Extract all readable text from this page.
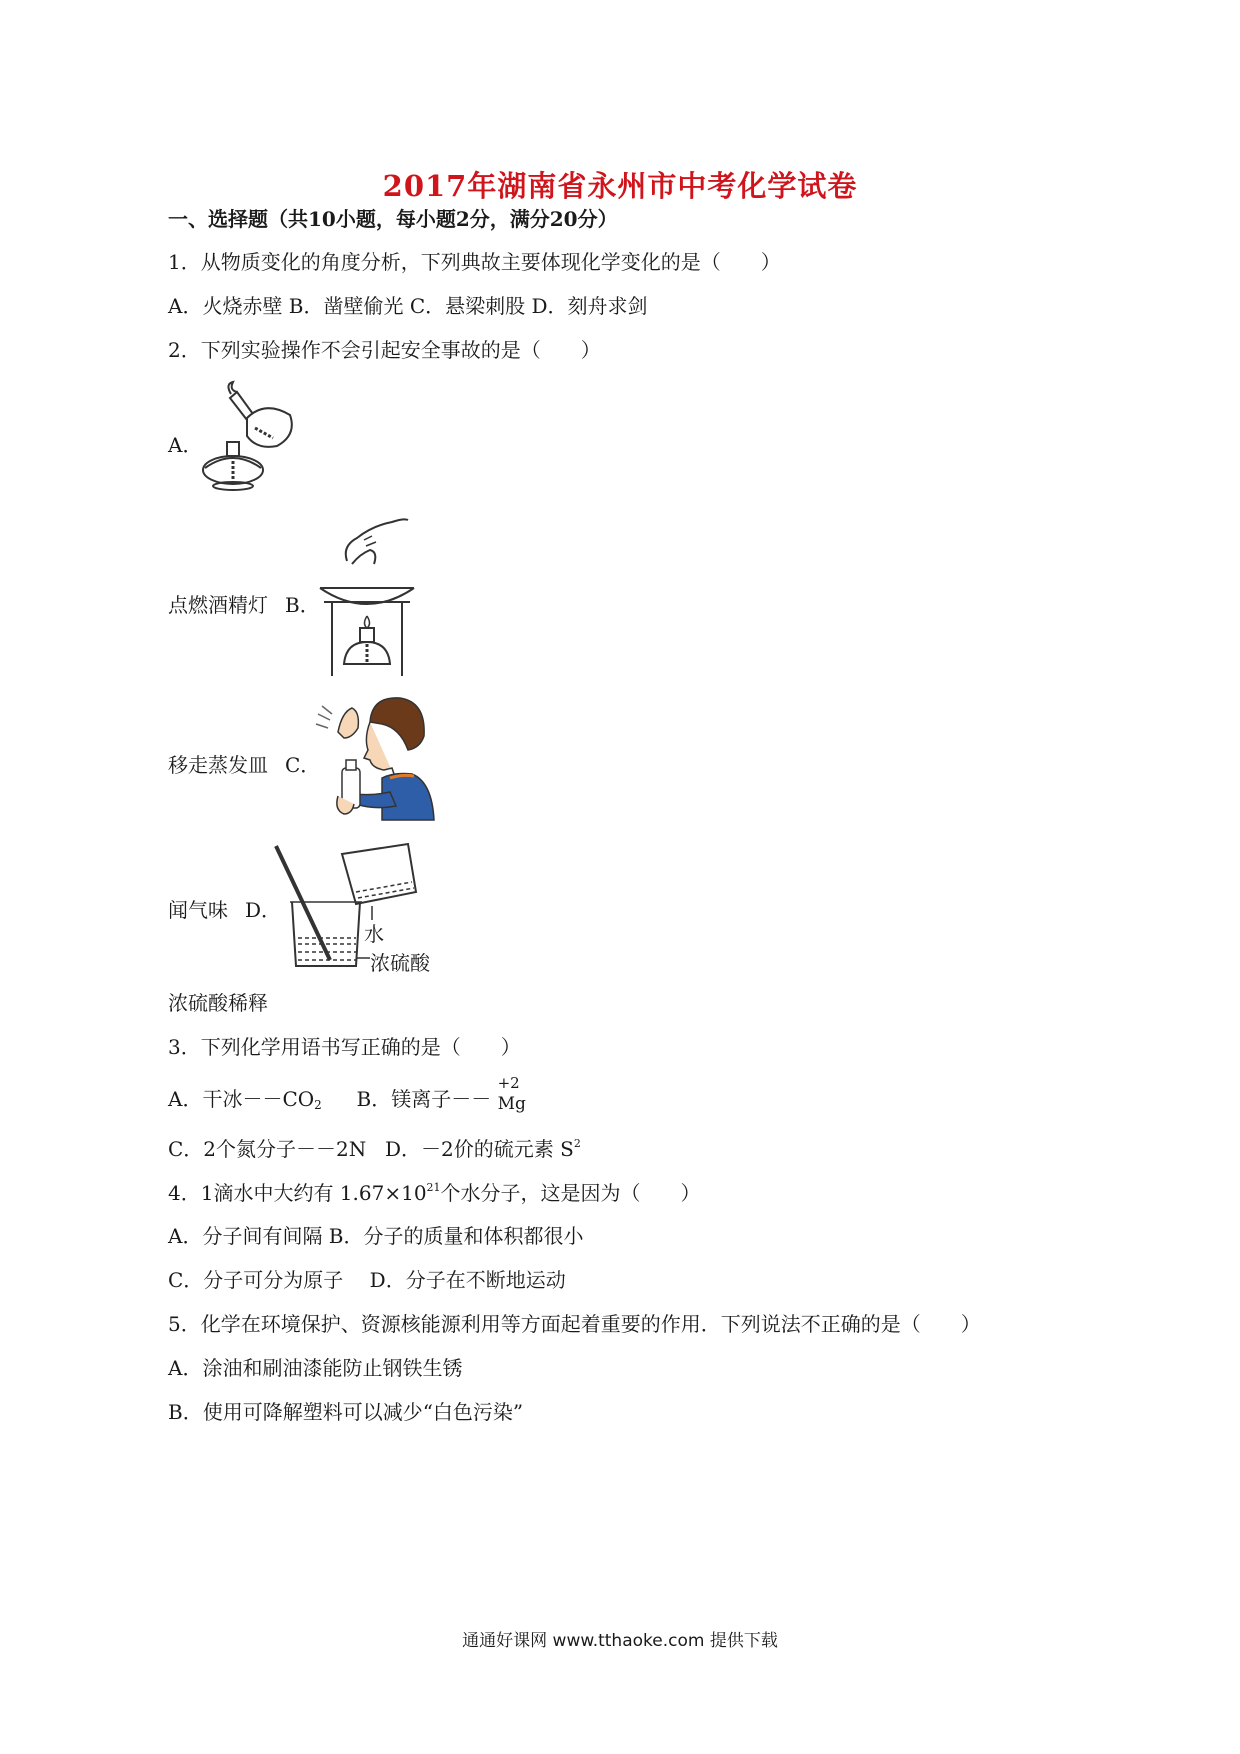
2017年湖南省永州市中考化学试卷
一、选择题（共10小题，每小题2分，满分20分）
1．从物质变化的角度分析，下列典故主要体现化学变化的是（　　）
A．火烧赤壁 B．凿壁偷光 C．悬梁刺股 D．刻舟求剑
2．下列实验操作不会引起安全事故的是（　　）
A．
点燃酒精灯 B．
移走蒸发皿 C．
闻气味 D．
水
浓硫酸
浓硫酸稀释
3．下列化学用语书写正确的是（　　）
A．干冰$--CO_2$ B．镁离子－－
+2
Mg
C．2个氮分子－－2N D．－2价的硫元素 $S^2$
4．1滴水中大约有 $1.67\times 10^{21}$个水分子，这是因为（　　）
A．分子间有间隔 B．分子的质量和体积都很小
C．分子可分为原子　 D．分子在不断地运动
5．化学在环境保护、资源核能源利用等方面起着重要的作用．下列说法不正确的是（　　）
A．涂油和刷油漆能防止钢铁生锈
B．使用可降解塑料可以减少“白色污染”
通通好课网 www.tthaoke.com 提供下载
